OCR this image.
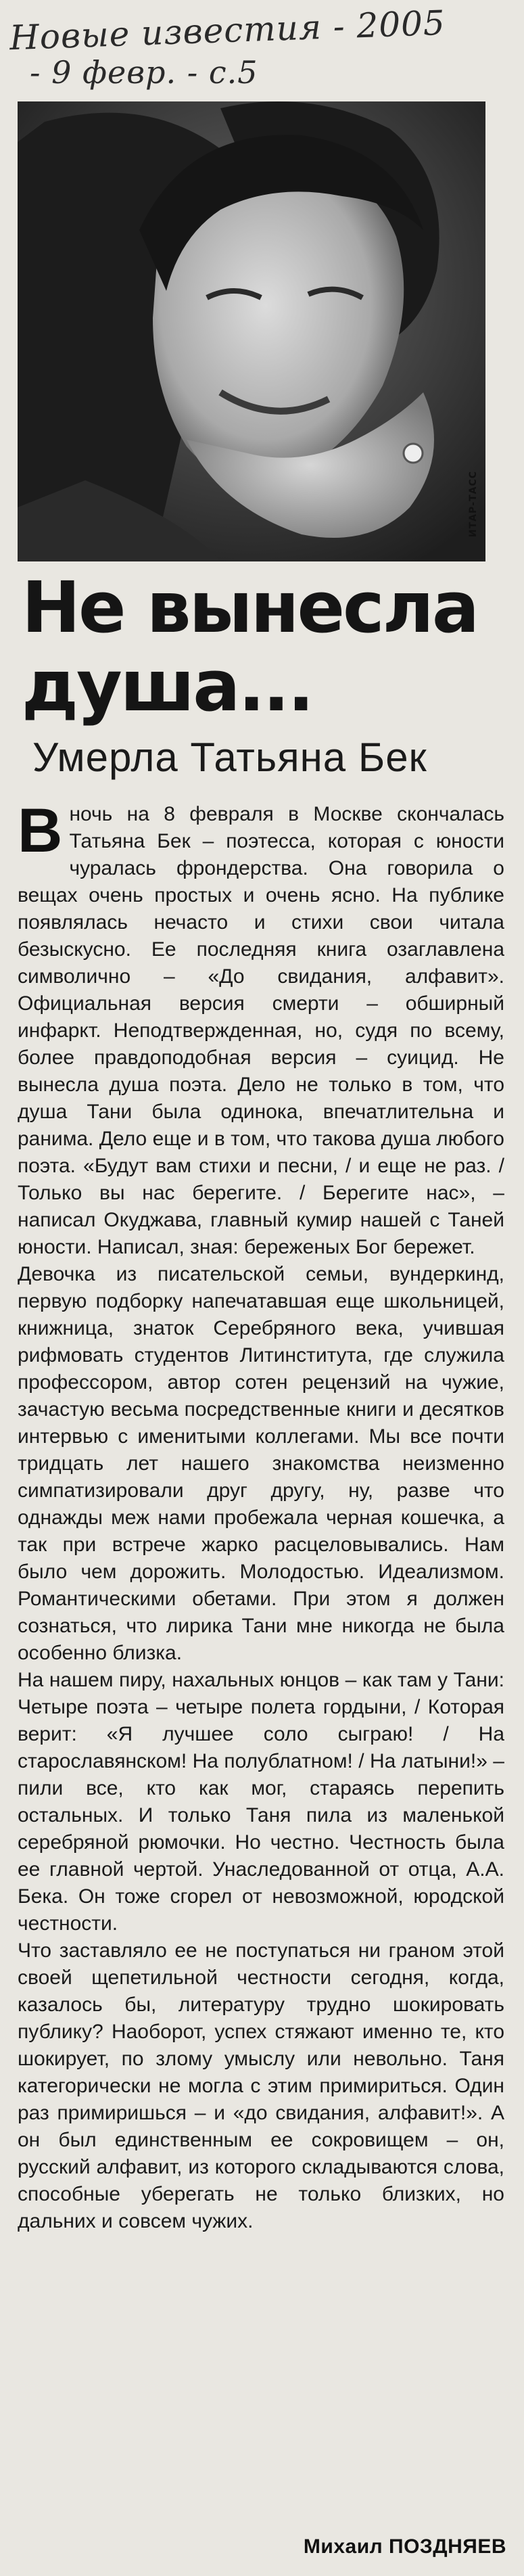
Новые известия - 2005
- 9 февр. - с.5
ИТАР-ТАСС
Не вынесла душа...
Умерла Татьяна Бек

В ночь на 8 февраля в Москве скончалась Татьяна Бек – поэтесса, которая с юности чуралась фрондерства. Она говорила о вещах очень простых и очень ясно. На публике появлялась нечасто и стихи свои читала безыскусно. Ее последняя книга озаглавлена символично – «До свидания, алфавит». Официальная версия смерти – обширный инфаркт. Неподтвержденная, но, судя по всему, более правдоподобная версия – суицид. Не вынесла душа поэта. Дело не только в том, что душа Тани была одинока, впечатлительна и ранима. Дело еще и в том, что такова душа любого поэта. «Будут вам стихи и песни, / и еще не раз. / Только вы нас берегите. / Берегите нас», – написал Окуджава, главный кумир нашей с Таней юности. Написал, зная: береженых Бог бережет.

Девочка из писательской семьи, вундеркинд, первую подборку напечатавшая еще школьницей, книжница, знаток Серебряного века, учившая рифмовать студентов Литинститута, где служила профессором, автор сотен рецензий на чужие, зачастую весьма посредственные книги и десятков интервью с именитыми коллегами. Мы все почти тридцать лет нашего знакомства неизменно симпатизировали друг другу, ну, разве что однажды меж нами пробежала черная кошечка, а так при встрече жарко расцеловывались. Нам было чем дорожить. Молодостью. Идеализмом. Романтическими обетами. При этом я должен сознаться, что лирика Тани мне никогда не была особенно близка.

На нашем пиру, нахальных юнцов – как там у Тани: Четыре поэта – четыре полета гордыни, / Которая верит: «Я лучшее соло сыграю! / На старославянском! На полублатном! / На латыни!» – пили все, кто как мог, стараясь перепить остальных. И только Таня пила из маленькой серебряной рюмочки. Но честно. Честность была ее главной чертой. Унаследованной от отца, А.А. Бека. Он тоже сгорел от невозможной, юродской честности.

Что заставляло ее не поступаться ни граном этой своей щепетильной честности сегодня, когда, казалось бы, литературу трудно шокировать публику? Наоборот, успех стяжают именно те, кто шокирует, по злому умыслу или невольно. Таня категорически не могла с этим примириться. Один раз примиришься – и «до свидания, алфавит!». А он был единственным ее сокровищем – он, русский алфавит, из которого складываются слова, способные уберегать не только близких, но дальних и совсем чужих.

Михаил ПОЗДНЯЕВ
